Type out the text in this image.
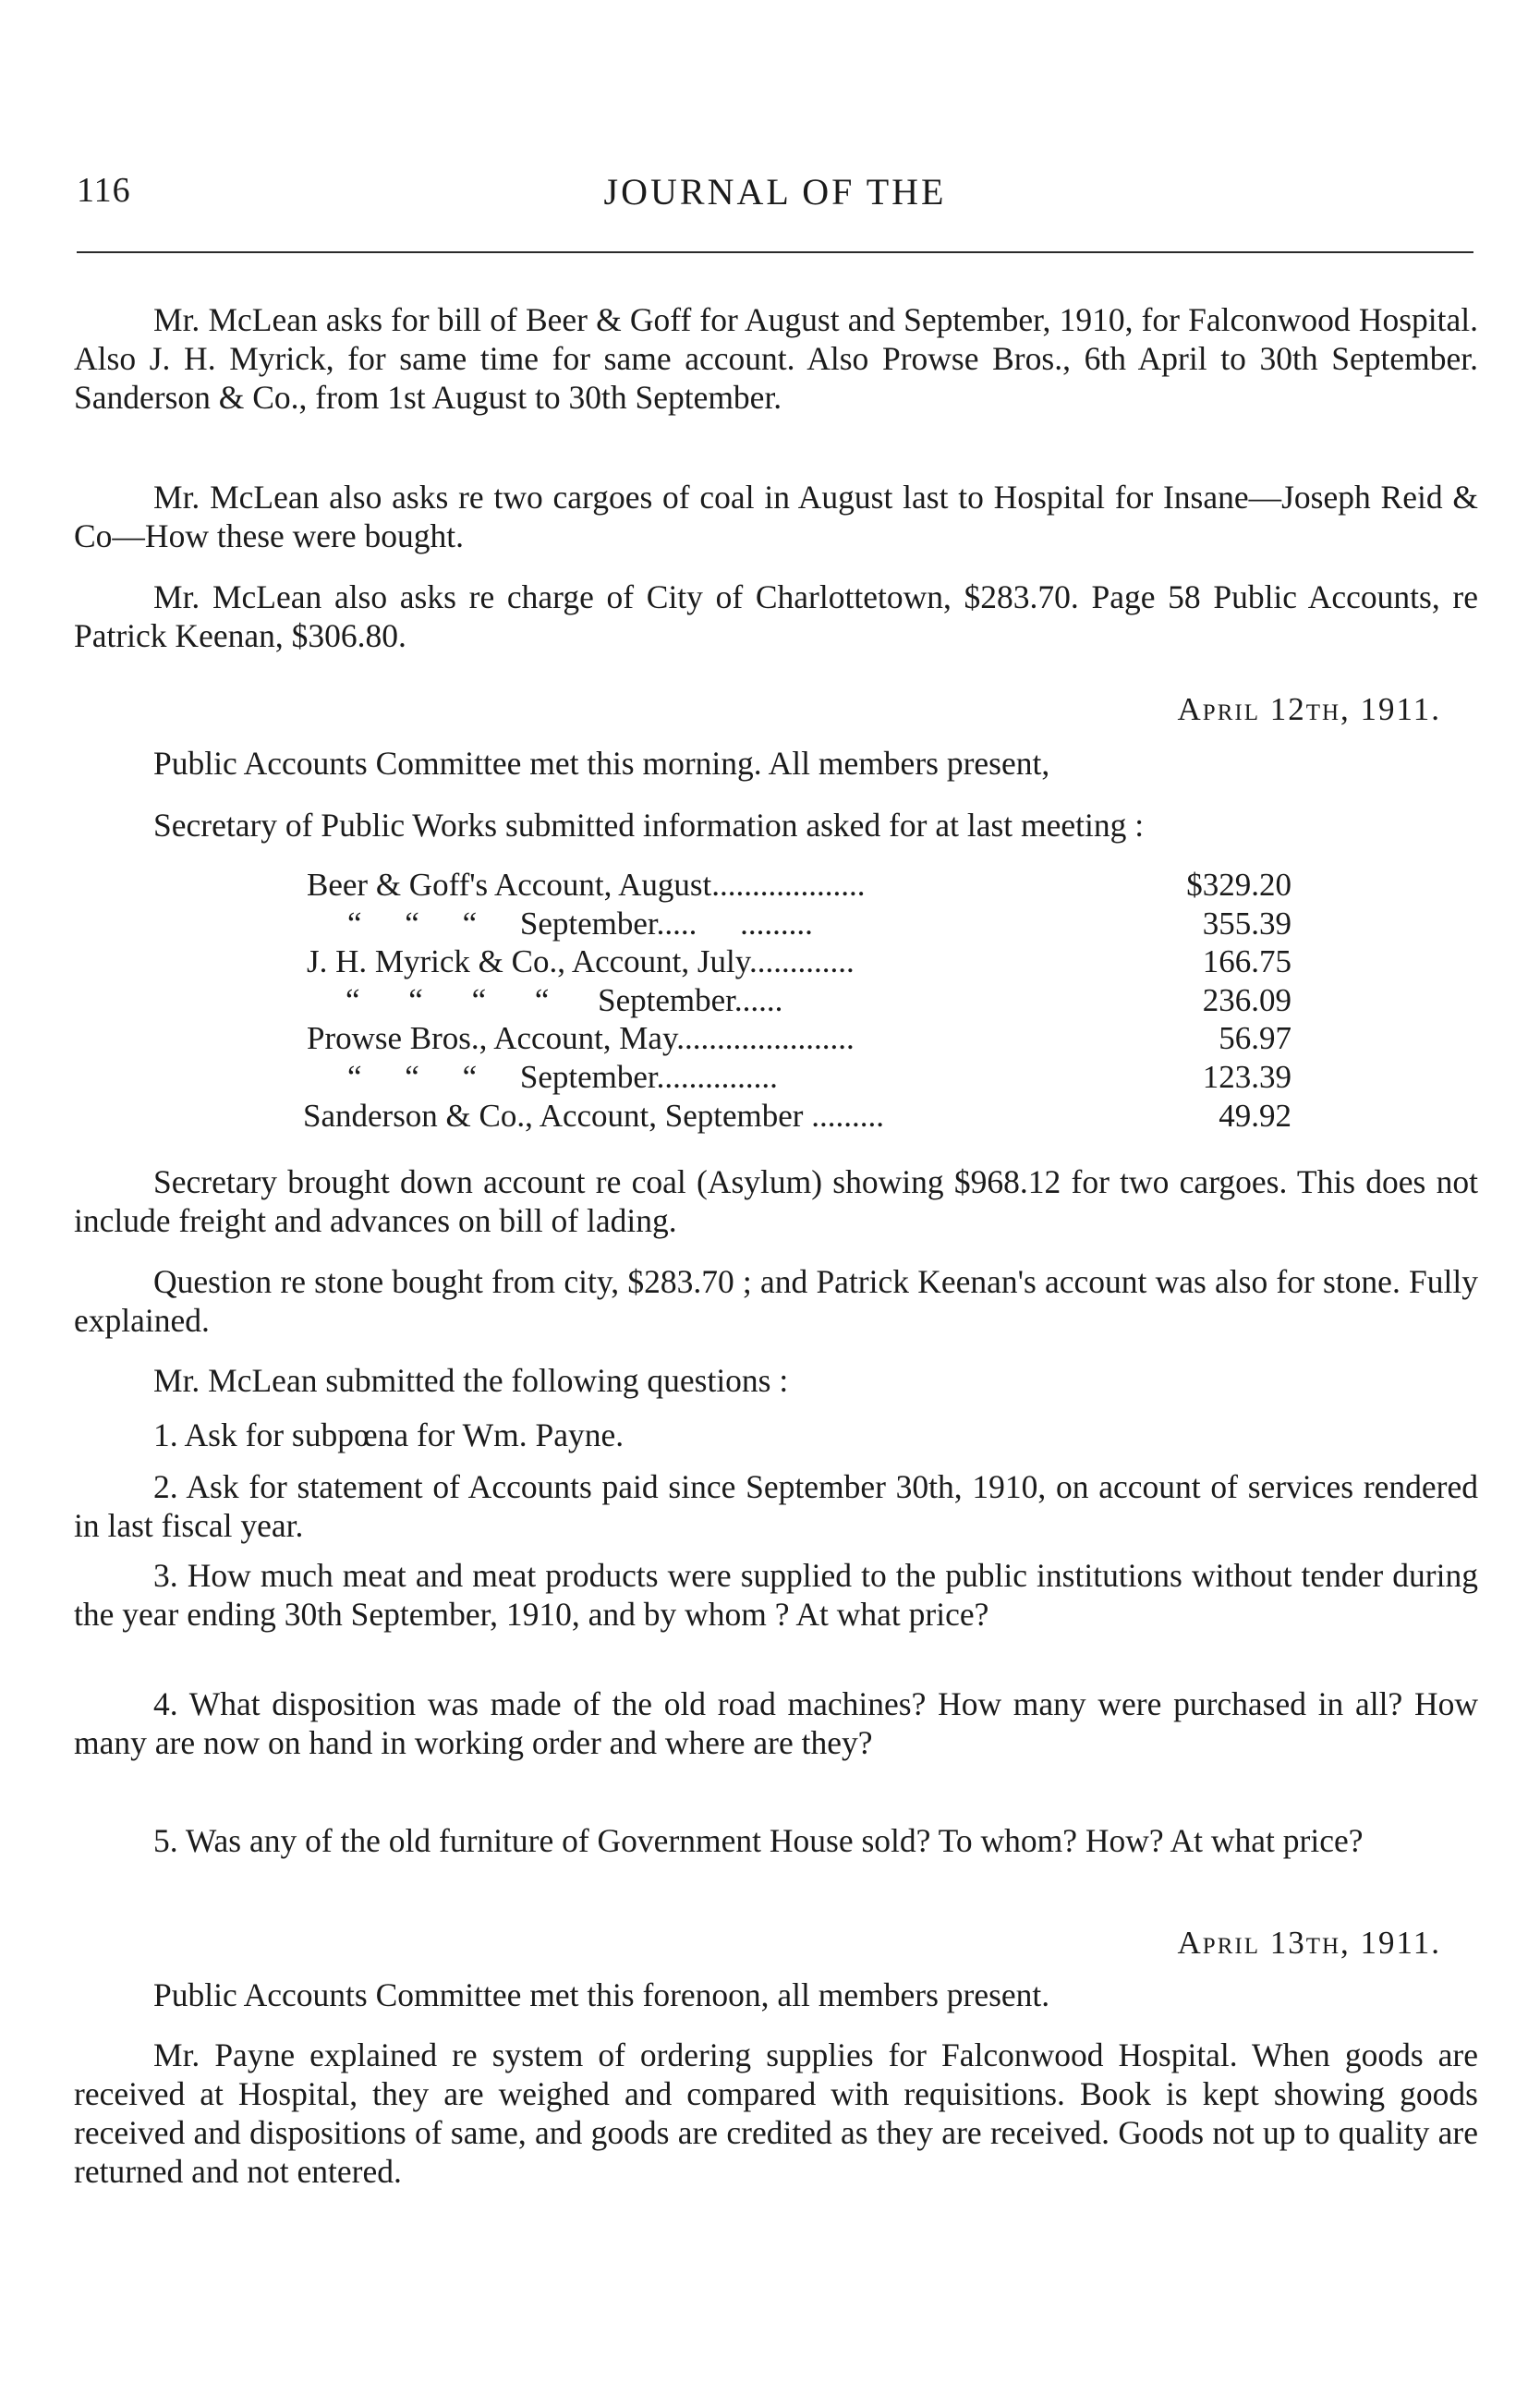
116	JOURNAL OF THE
Mr. McLean asks for bill of Beer & Goff for August and September, 1910, for Falconwood Hospital. Also J. H. Myrick, for same time for same account. Also Prowse Bros., 6th April to 30th September. Sanderson & Co., from 1st August to 30th September.
Mr. McLean also asks re two cargoes of coal in August last to Hospital for Insane—Joseph Reid & Co—How these were bought.
Mr. McLean also asks re charge of City of Charlottetown, $283.70. Page 58 Public Accounts, re Patrick Keenan, $306.80.
April 12th, 1911.
Public Accounts Committee met this morning. All members present,
Secretary of Public Works submitted information asked for at last meeting :
Beer & Goff's Account, August...................	$329.20
“ “ “ September..... .........	355.39
J. H. Myrick & Co., Account, July.............	166.75
“ “ “ “ September......	236.09
Prowse Bros., Account, May......................	56.97
“ “ “ September...............	123.39
Sanderson & Co., Account, September .........	49.92
Secretary brought down account re coal (Asylum) showing $968.12 for two cargoes. This does not include freight and advances on bill of lading.
Question re stone bought from city, $283.70 ; and Patrick Keenan's account was also for stone. Fully explained.
Mr. McLean submitted the following questions :
1. Ask for subpœna for Wm. Payne.
2. Ask for statement of Accounts paid since September 30th, 1910, on account of services rendered in last fiscal year.
3. How much meat and meat products were supplied to the public institutions without tender during the year ending 30th September, 1910, and by whom ? At what price?
4. What disposition was made of the old road machines? How many were purchased in all? How many are now on hand in working order and where are they?
5. Was any of the old furniture of Government House sold? To whom? How? At what price?
April 13th, 1911.
Public Accounts Committee met this forenoon, all members present.
Mr. Payne explained re system of ordering supplies for Falconwood Hospital. When goods are received at Hospital, they are weighed and compared with requisitions. Book is kept showing goods received and dispositions of same, and goods are credited as they are received. Goods not up to quality are returned and not entered.
